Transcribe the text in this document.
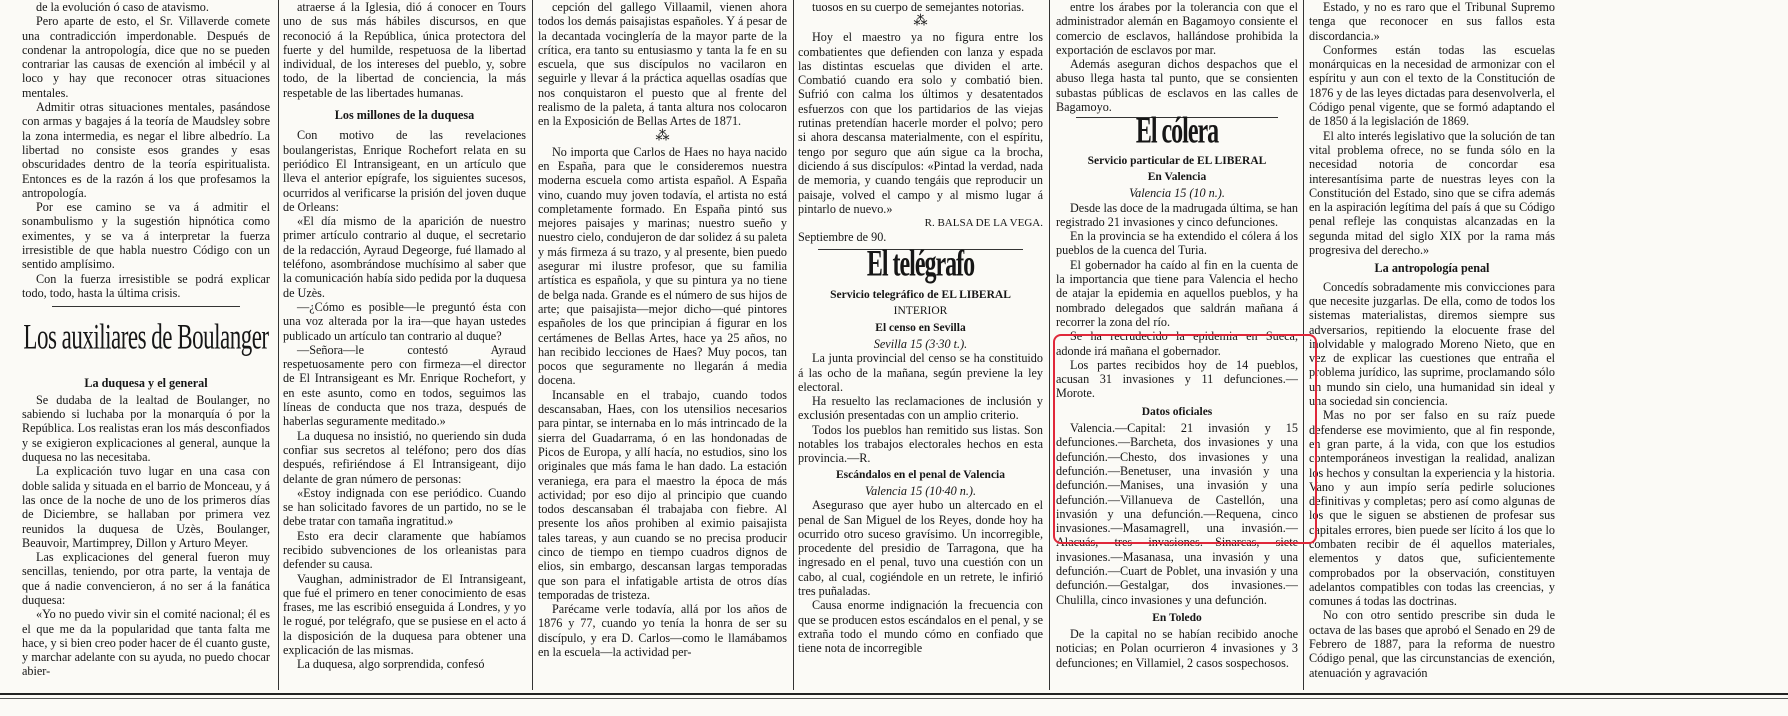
de la evolución ó caso de atavismo.

Pero aparte de esto, el Sr. Villaverde comete una contradicción imperdonable. Después de condenar la antropología, dice que no se pueden contrariar las causas de exención al imbécil y al loco y hay que reconocer otras situaciones mentales.

Admitir otras situaciones mentales, pasándose con armas y bagajes á la teoría de Maudsley sobre la zona intermedia, es negar el libre albedrío. La libertad no consiste esos grandes y esas obscuridades dentro de la teoría espiritualista. Entonces es de la razón á los que profesamos la antropología.

Por ese camino se va á admitir el sonambulismo y la sugestión hipnótica como eximentes, y se va á interpretar la fuerza irresistible de que habla nuestro Código con un sentido amplísimo.

Con la fuerza irresistible se podrá explicar todo, todo, hasta la última crisis.

Los auxiliares de Boulanger
La duquesa y el general

Se dudaba de la lealtad de Boulanger, no sabiendo si luchaba por la monarquía ó por la República. Los realistas eran los más desconfiados y se exigieron explicaciones al general, aunque la duquesa no las necesitaba.

La explicación tuvo lugar en una casa con doble salida y situada en el barrio de Monceau, y á las once de la noche de uno de los primeros días de Diciembre, se hallaban por primera vez reunidos la duquesa de Uzès, Boulanger, Beauvoir, Martimprey, Dillon y Arturo Meyer.

Las explicaciones del general fueron muy sencillas, teniendo, por otra parte, la ventaja de que á nadie convencieron, á no ser á la fanática duquesa:

«Yo no puedo vivir sin el comité nacional; él es el que me da la popularidad que tanta falta me hace, y si bien creo poder hacer de él cuanto guste, y marchar adelante con su ayuda, no puedo chocar abier-

atraerse á la Iglesia, dió á conocer en Tours uno de sus más hábiles discursos, en que reconoció á la República, única protectora del fuerte y del humilde, respetuosa de la libertad individual, de los intereses del pueblo, y, sobre todo, de la libertad de conciencia, la más respetable de las libertades humanas.

Los millones de la duquesa

Con motivo de las revelaciones boulangeristas, Enrique Rochefort relata en su periódico El Intransigeant, en un artículo que lleva el anterior epígrafe, los siguientes sucesos, ocurridos al verificarse la prisión del joven duque de Orleans:

«El día mismo de la aparición de nuestro primer artículo contrario al duque, el secretario de la redacción, Ayraud Degeorge, fué llamado al teléfono, asombrándose muchísimo al saber que la comunicación había sido pedida por la duquesa de Uzès.

—¿Cómo es posible—le preguntó ésta con una voz alterada por la ira—que hayan ustedes publicado un artículo tan contrario al duque?

—Señora—le contestó Ayraud respetuosamente pero con firmeza—el director de El Intransigeant es Mr. Enrique Rochefort, y en este asunto, como en todos, seguimos las líneas de conducta que nos traza, después de haberlas seguramente meditado.»

La duquesa no insistió, no queriendo sin duda confiar sus secretos al teléfono; pero dos días después, refiriéndose á El Intransigeant, dijo delante de gran número de personas:

«Estoy indignada con ese periódico. Cuando se han solicitado favores de un partido, no se le debe tratar con tamaña ingratitud.»

Esto era decir claramente que habíamos recibido subvenciones de los orleanistas para defender su causa.

Vaughan, administrador de El Intransigeant, que fué el primero en tener conocimiento de esas frases, me las escribió enseguida á Londres, y yo le rogué, por telégrafo, que se pusiese en el acto á la disposición de la duquesa para obtener una explicación de las mismas.

La duquesa, algo sorprendida, confesó

cepción del gallego Villaamil, vienen ahora todos los demás paisajistas españoles. Y á pesar de la decantada vocinglería de la mayor parte de la crítica, era tanto su entusiasmo y tanta la fe en su escuela, que sus discípulos no vacilaron en seguirle y llevar á la práctica aquellas osadías que nos conquistaron el puesto que al frente del realismo de la paleta, á tanta altura nos colocaron en la Exposición de Bellas Artes de 1871.

⁂

No importa que Carlos de Haes no haya nacido en España, para que le consideremos nuestra moderna escuela como artista español. A España vino, cuando muy joven todavía, el artista no está completamente formado. En España pintó sus mejores paisajes y marinas; nuestro sueño y nuestro cielo, condujeron de dar solidez á su paleta y más firmeza á su trazo, y al presente, bien puedo asegurar mi ilustre profesor, que su familia artística es española, y que su pintura ya no tiene de belga nada. Grande es el número de sus hijos de arte; que paisajista—mejor dicho—qué pintores españoles de los que principian á figurar en los certámenes de Bellas Artes, hace ya 25 años, no han recibido lecciones de Haes? Muy pocos, tan pocos que seguramente no llegarán á media docena.

Incansable en el trabajo, cuando todos descansaban, Haes, con los utensilios necesarios para pintar, se internaba en lo más intrincado de la sierra del Guadarrama, ó en las hondonadas de Picos de Europa, y allí hacía, no estudios, sino los originales que más fama le han dado. La estación veraniega, era para el maestro la época de más actividad; por eso dijo al principio que cuando todos descansaban él trabajaba con fiebre. Al presente los años prohiben al eximio paisajista tales tareas, y aun cuando se no precisa producir cinco de tiempo en tiempo cuadros dignos de elios, sin embargo, descansan largas temporadas que son para el infatigable artista de otros días temporadas de tristeza.

Parécame verle todavía, allá por los años de 1876 y 77, cuando yo tenía la honra de ser su discípulo, y era D. Carlos—como le llamábamos en la escuela—la actividad per-

tuosos en su cuerpo de semejantes notorias.

⁂

Hoy el maestro ya no figura entre los combatientes que defienden con lanza y espada las distintas escuelas que dividen el arte. Combatió cuando era solo y combatió bien. Sufrió con calma los últimos y desatentados esfuerzos con que los partidarios de las viejas rutinas pretendían hacerle morder el polvo; pero si ahora descansa materialmente, con el espíritu, tengo por seguro que aún sigue ca la brocha, diciendo á sus discípulos: «Pintad la verdad, nada de memoria, y cuando tengáis que reproducir un paisaje, volved el campo y al mismo lugar á pintarlo de nuevo.»

R. BALSA DE LA VEGA.
Septiembre de 90.
El telégrafo
Servicio telegráfico de EL LIBERAL
INTERIOR
El censo en Sevilla
Sevilla 15 (3·30 t.).

La junta provincial del censo se ha constituido á las ocho de la mañana, según previene la ley electoral.

Ha resuelto las reclamaciones de inclusión y exclusión presentadas con un amplio criterio.

Todos los pueblos han remitido sus listas. Son notables los trabajos electorales hechos en esta provincia.—R.

Escándalos en el penal de Valencia
Valencia 15 (10·40 n.).

Aseguraso que ayer hubo un altercado en el penal de San Miguel de los Reyes, donde hoy ha ocurrido otro suceso gravísimo. Un incorregible, procedente del presidio de Tarragona, que ha ingresado en el penal, tuvo una cuestión con un cabo, al cual, cogiéndole en un retrete, le infirió tres puñaladas.

Causa enorme indignación la frecuencia con que se producen estos escándalos en el penal, y se extraña todo el mundo cómo en confiado que tiene nota de incorregible

entre los árabes por la tolerancia con que el administrador alemán en Bagamoyo consiente el comercio de esclavos, hallándose prohibida la exportación de esclavos por mar.

Además aseguran dichos despachos que el abuso llega hasta tal punto, que se consienten subastas públicas de esclavos en las calles de Bagamoyo.

El cólera
Servicio particular de EL LIBERAL
En Valencia
Valencia 15 (10 n.).

Desde las doce de la madrugada última, se han registrado 21 invasiones y cinco defunciones.

En la provincia se ha extendido el cólera á los pueblos de la cuenca del Turia.

El gobernador ha caído al fin en la cuenta de la importancia que tiene para Valencia el hecho de atajar la epidemia en aquellos pueblos, y ha nombrado delegados que saldrán mañana á recorrer la zona del río.

Se ha recrudecido la epidemia en Sueca, adonde irá mañana el gobernador.

Los partes recibidos hoy de 14 pueblos, acusan 31 invasiones y 11 defunciones.—Morote.

Datos oficiales

Valencia.—Capital: 21 invasión y 15 defunciones.—Barcheta, dos invasiones y una defunción.—Chesto, dos invasiones y una defunción.—Benetuser, una invasión y una defunción.—Manises, una invasión y una defunción.—Villanueva de Castellón, una invasión y una defunción.—Requena, cinco invasiones.—Masamagrell, una invasión.—Alacuás, tres invasiones.—Sinarcas, siete invasiones.—Masanasa, una invasión y una defunción.—Cuart de Poblet, una invasión y una defunción.—Gestalgar, dos invasiones.—Chulilla, cinco invasiones y una defunción.

En Toledo

De la capital no se habían recibido anoche noticias; en Polan ocurrieron 4 invasiones y 3 defunciones; en Villamiel, 2 casos sospechosos.

Estado, y no es raro que el Tribunal Supremo tenga que reconocer en sus fallos esta discordancia.»

Conformes están todas las escuelas monárquicas en la necesidad de armonizar con el espíritu y aun con el texto de la Constitución de 1876 y de las leyes dictadas para desenvolverla, el Código penal vigente, que se formó adaptando el de 1850 á la legislación de 1869.

El alto interés legislativo que la solución de tan vital problema ofrece, no se funda sólo en la necesidad notoria de concordar esa interesantísima parte de nuestras leyes con la Constitución del Estado, sino que se cifra además en la aspiración legítima del país á que su Código penal refleje las conquistas alcanzadas en la segunda mitad del siglo XIX por la rama más progresiva del derecho.»

La antropología penal

Concedís sobradamente mis convicciones para que necesite juzgarlas. De ella, como de todos los sistemas materialistas, diremos siempre sus adversarios, repitiendo la elocuente frase del inolvidable y malogrado Moreno Nieto, que en vez de explicar las cuestiones que entraña el problema jurídico, las suprime, proclamando sólo un mundo sin cielo, una humanidad sin ideal y una sociedad sin conciencia.

Mas no por ser falso en su raíz puede defenderse ese movimiento, que al fin responde, en gran parte, á la vida, con que los estudios contemporáneos investigan la realidad, analizan los hechos y consultan la experiencia y la historia. Vano y aun impío sería pedirle soluciones definitivas y completas; pero así como algunas de los que le siguen se abstienen de profesar sus capitales errores, bien puede ser lícito á los que lo combaten recibir de él aquellos materiales, elementos y datos que, suficientemente comprobados por la observación, constituyen adelantos compatibles con todas las creencias, y comunes á todas las doctrinas.

No con otro sentido prescribe sin duda le octava de las bases que aprobó el Senado en 29 de Febrero de 1887, para la reforma de nuestro Código penal, que las circunstancias de exención, atenuación y agravación
